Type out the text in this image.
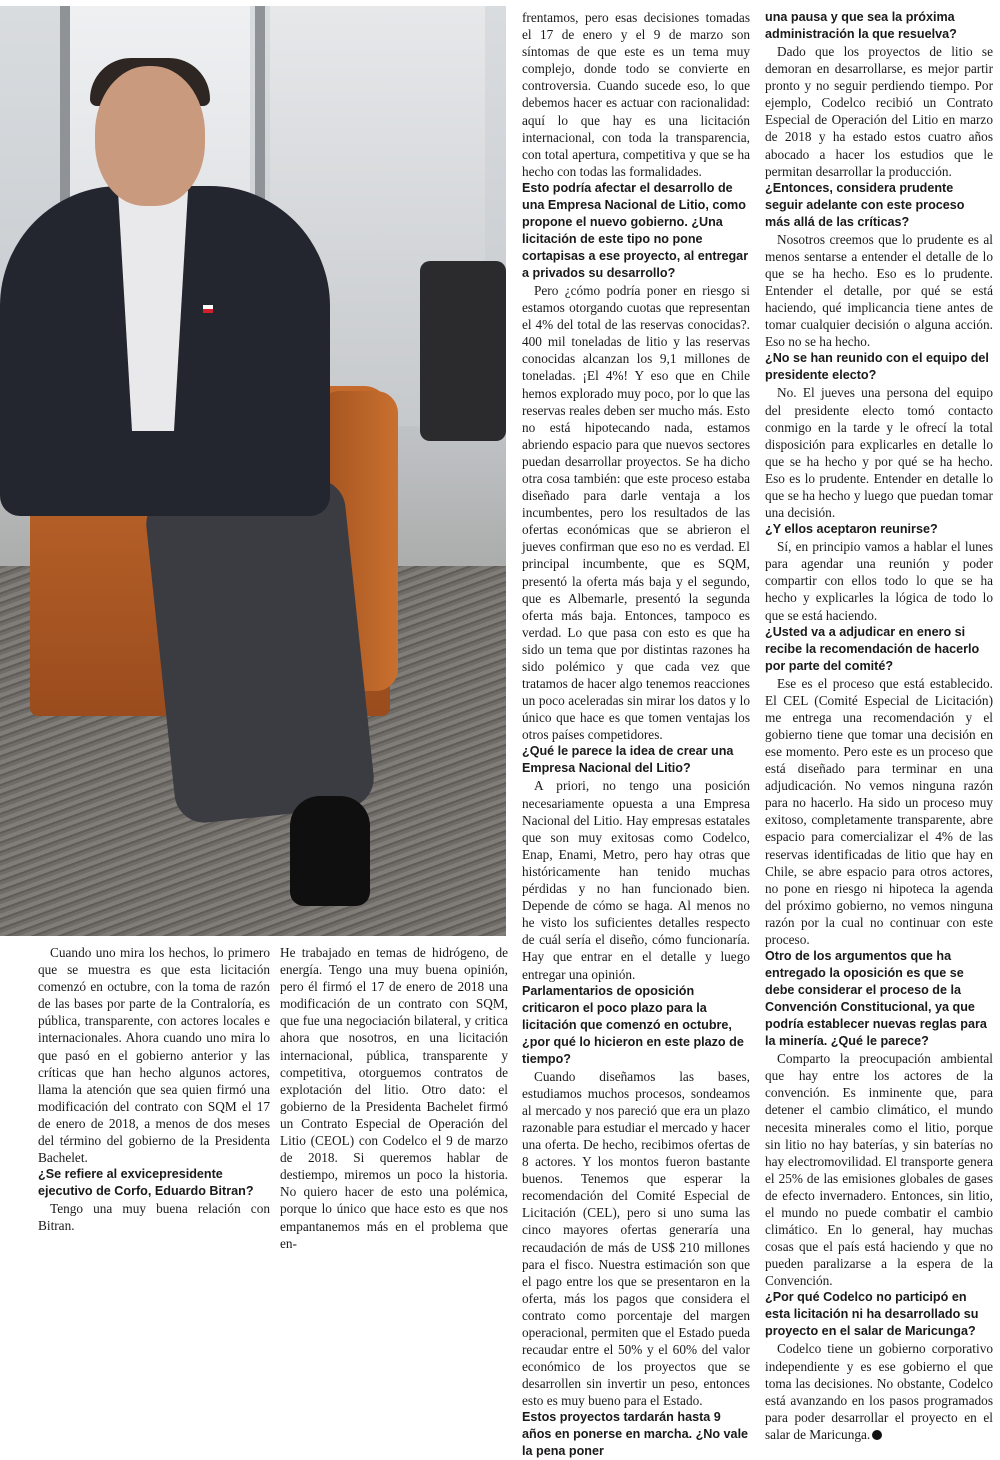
Cuando uno mira los hechos, lo primero que se muestra es que esta licitación comenzó en octubre, con la toma de razón de las bases por parte de la Contraloría, es pública, transparente, con actores locales e internacionales. Ahora cuando uno mira lo que pasó en el gobierno anterior y las críticas que han hecho algunos actores, llama la atención que sea quien firmó una modificación del contrato con SQM el 17 de enero de 2018, a menos de dos meses del término del gobierno de la Presidenta Bachelet.

¿Se refiere al exvicepresidente ejecutivo de Corfo, Eduardo Bitran?

Tengo una muy buena relación con Bitran.

He trabajado en temas de hidrógeno, de energía. Tengo una muy buena opinión, pero él firmó el 17 de enero de 2018 una modificación de un contrato con SQM, que fue una negociación bilateral, y critica ahora que nosotros, en una licitación internacional, pública, transparente y competitiva, otorguemos contratos de explotación del litio. Otro dato: el gobierno de la Presidenta Bachelet firmó un Contrato Especial de Operación del Litio (CEOL) con Codelco el 9 de marzo de 2018. Si queremos hablar de destiempo, miremos un poco la historia. No quiero hacer de esto una polémica, porque lo único que hace esto es que nos empantanemos más en el problema que en-

frentamos, pero esas decisiones tomadas el 17 de enero y el 9 de marzo son síntomas de que este es un tema muy complejo, donde todo se convierte en controversia. Cuando sucede eso, lo que debemos hacer es actuar con racionalidad: aquí lo que hay es una licitación internacional, con toda la transparencia, con total apertura, competitiva y que se ha hecho con todas las formalidades.

Esto podría afectar el desarrollo de una Empresa Nacional de Litio, como propone el nuevo gobierno. ¿Una licitación de este tipo no pone cortapisas a ese proyecto, al entregar a privados su desarrollo?

Pero ¿cómo podría poner en riesgo si estamos otorgando cuotas que representan el 4% del total de las reservas conocidas?. 400 mil toneladas de litio y las reservas conocidas alcanzan los 9,1 millones de toneladas. ¡El 4%! Y eso que en Chile hemos explorado muy poco, por lo que las reservas reales deben ser mucho más. Esto no está hipotecando nada, estamos abriendo espacio para que nuevos sectores puedan desarrollar proyectos. Se ha dicho otra cosa también: que este proceso estaba diseñado para darle ventaja a los incumbentes, pero los resultados de las ofertas económicas que se abrieron el jueves confirman que eso no es verdad. El principal incumbente, que es SQM, presentó la oferta más baja y el segundo, que es Albemarle, presentó la segunda oferta más baja. Entonces, tampoco es verdad. Lo que pasa con esto es que ha sido un tema que por distintas razones ha sido polémico y que cada vez que tratamos de hacer algo tenemos reacciones un poco aceleradas sin mirar los datos y lo único que hace es que tomen ventajas los otros países competidores.

¿Qué le parece la idea de crear una Empresa Nacional del Litio?

A priori, no tengo una posición necesariamente opuesta a una Empresa Nacional del Litio. Hay empresas estatales que son muy exitosas como Codelco, Enap, Enami, Metro, pero hay otras que históricamente han tenido muchas pérdidas y no han funcionado bien. Depende de cómo se haga. Al menos no he visto los suficientes detalles respecto de cuál sería el diseño, cómo funcionaría. Hay que entrar en el detalle y luego entregar una opinión.

Parlamentarios de oposición criticaron el poco plazo para la licitación que comenzó en octubre, ¿por qué lo hicieron en este plazo de tiempo?

Cuando diseñamos las bases, estudiamos muchos procesos, sondeamos al mercado y nos pareció que era un plazo razonable para estudiar el mercado y hacer una oferta. De hecho, recibimos ofertas de 8 actores. Y los montos fueron bastante buenos. Tenemos que esperar la recomendación del Comité Especial de Licitación (CEL), pero si uno suma las cinco mayores ofertas generaría una recaudación de más de US$ 210 millones para el fisco. Nuestra estimación son que el pago entre los que se presentaron en la oferta, más los pagos que considera el contrato como porcentaje del margen operacional, permiten que el Estado pueda recaudar entre el 50% y el 60% del valor económico de los proyectos que se desarrollen sin invertir un peso, entonces esto es muy bueno para el Estado.

Estos proyectos tardarán hasta 9 años en ponerse en marcha. ¿No vale la pena poner

una pausa y que sea la próxima administración la que resuelva?

Dado que los proyectos de litio se demoran en desarrollarse, es mejor partir pronto y no seguir perdiendo tiempo. Por ejemplo, Codelco recibió un Contrato Especial de Operación del Litio en marzo de 2018 y ha estado estos cuatro años abocado a hacer los estudios que le permitan desarrollar la producción.

¿Entonces, considera prudente seguir adelante con este proceso más allá de las críticas?

Nosotros creemos que lo prudente es al menos sentarse a entender el detalle de lo que se ha hecho. Eso es lo prudente. Entender el detalle, por qué se está haciendo, qué implicancia tiene antes de tomar cualquier decisión o alguna acción. Eso no se ha hecho.

¿No se han reunido con el equipo del presidente electo?

No. El jueves una persona del equipo del presidente electo tomó contacto conmigo en la tarde y le ofrecí la total disposición para explicarles en detalle lo que se ha hecho y por qué se ha hecho. Eso es lo prudente. Entender en detalle lo que se ha hecho y luego que puedan tomar una decisión.

¿Y ellos aceptaron reunirse?

Sí, en principio vamos a hablar el lunes para agendar una reunión y poder compartir con ellos todo lo que se ha hecho y explicarles la lógica de todo lo que se está haciendo.

¿Usted va a adjudicar en enero si recibe la recomendación de hacerlo por parte del comité?

Ese es el proceso que está establecido. El CEL (Comité Especial de Licitación) me entrega una recomendación y el gobierno tiene que tomar una decisión en ese momento. Pero este es un proceso que está diseñado para terminar en una adjudicación. No vemos ninguna razón para no hacerlo. Ha sido un proceso muy exitoso, completamente transparente, abre espacio para comercializar el 4% de las reservas identificadas de litio que hay en Chile, se abre espacio para otros actores, no pone en riesgo ni hipoteca la agenda del próximo gobierno, no vemos ninguna razón por la cual no continuar con este proceso.

Otro de los argumentos que ha entregado la oposición es que se debe considerar el proceso de la Convención Constitucional, ya que podría establecer nuevas reglas para la minería. ¿Qué le parece?

Comparto la preocupación ambiental que hay entre los actores de la convención. Es inminente que, para detener el cambio climático, el mundo necesita minerales como el litio, porque sin litio no hay baterías, y sin baterías no hay electromovilidad. El transporte genera el 25% de las emisiones globales de gases de efecto invernadero. Entonces, sin litio, el mundo no puede combatir el cambio climático. En lo general, hay muchas cosas que el país está haciendo y que no pueden paralizarse a la espera de la Convención.

¿Por qué Codelco no participó en esta licitación ni ha desarrollado su proyecto en el salar de Maricunga?

Codelco tiene un gobierno corporativo independiente y es ese gobierno el que toma las decisiones. No obstante, Codelco está avanzando en los pasos programados para poder desarrollar el proyecto en el salar de Maricunga.
